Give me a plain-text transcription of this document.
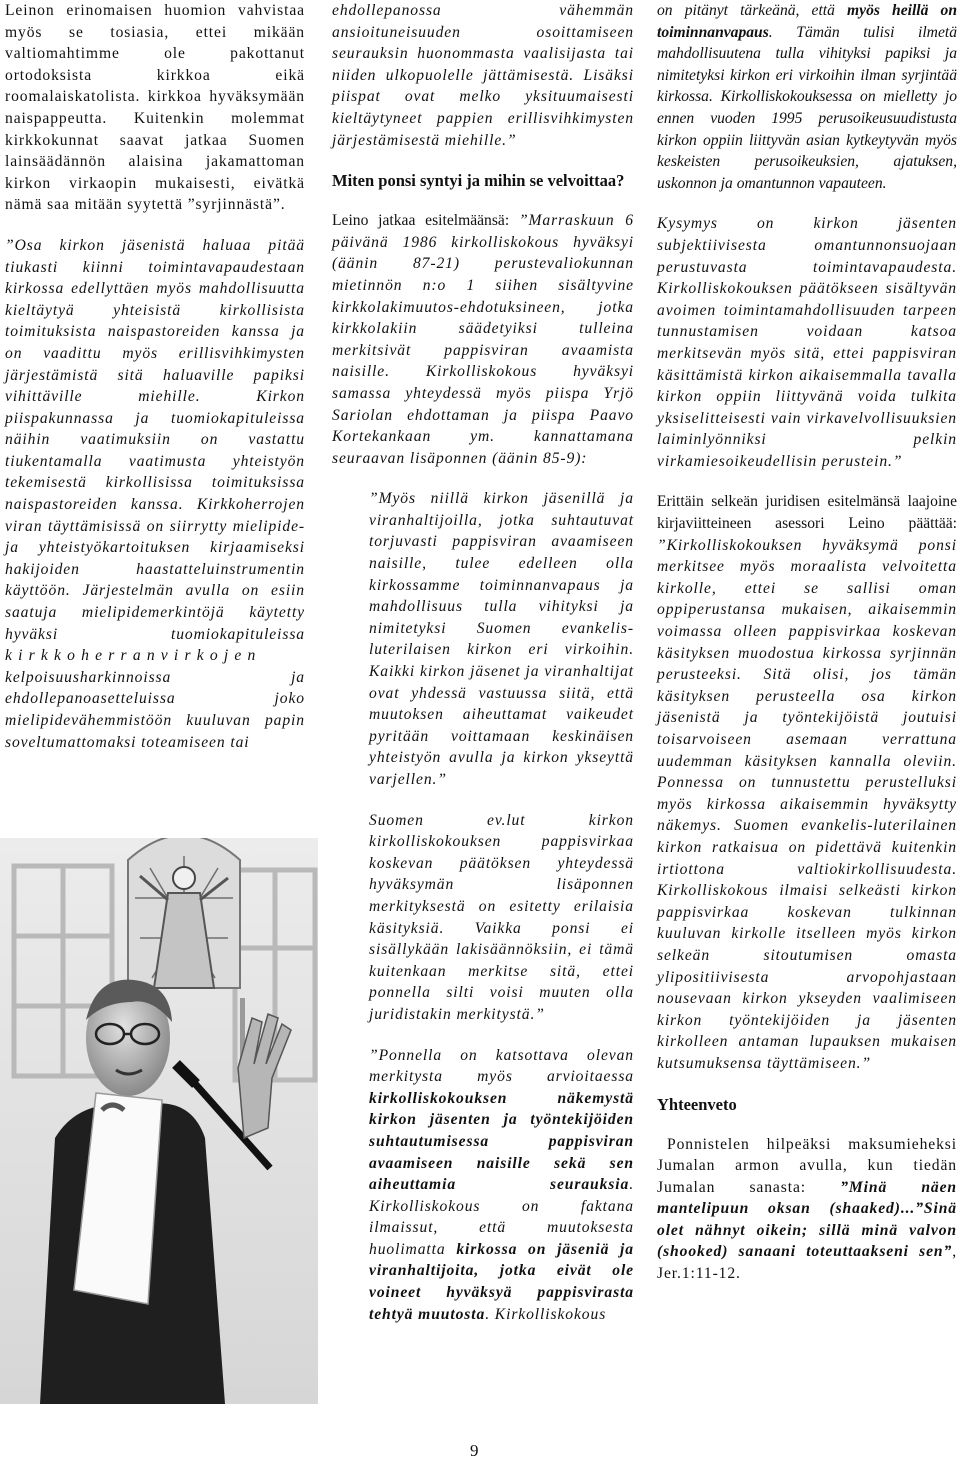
Leinon erinomaisen huomion vahvistaa myös se tosiasia, ettei mikään valtiomahtimme ole pakottanut ortodoksista kirkkoa eikä roomalaiskatolista. kirkkoa hyväksymään naispappeutta. Kuitenkin molemmat kirkkokunnat saavat jatkaa Suomen lainsäädännön alaisina jakamattoman kirkon virkaopin mukaisesti, eivätkä nämä saa mitään syytettä ”syrjinnästä”.

”Osa kirkon jäsenistä haluaa pitää tiukasti kiinni toimintavapaudestaan kirkossa edellyttäen myös mahdollisuutta kieltäytyä yhteisistä kirkollisista toimituksista naispastoreiden kanssa ja on vaadittu myös erillisvihkimysten järjestämistä sitä haluaville papiksi vihittäville miehille. Kirkon piispakunnassa ja tuomiokapituleissa näihin vaatimuksiin on vastattu tiukentamalla vaatimusta yhteistyön tekemisestä kirkollisissa toimituksissa naispastoreiden kanssa. Kirkkoherrojen viran täyttämisissä on siirrytty mielipide- ja yhteistyökartoituksen kirjaamiseksi hakijoiden haastatteluinstrumentin käyttöön. Järjestelmän avulla on esiin saatuja mielipidemerkintöjä käytetty hyväksi tuomiokapituleissa kirkkoherranvirkojen kelpoisuusharkinnoissa ja ehdollepanoasetteluissa joko mielipidevähemmistöön kuuluvan papin soveltumattomaksi toteamiseen tai

ehdollepanossa vähemmän ansioituneisuuden osoittamiseen seurauksin huonommasta vaalisijasta tai niiden ulkopuolelle jättämisestä. Lisäksi piispat ovat melko yksituumaisesti kieltäytyneet pappien erillisvihkimysten järjestämisestä miehille.”

Miten ponsi syntyi ja mihin se velvoittaa?

Leino jatkaa esitelmäänsä: ”Marraskuun 6 päivänä 1986 kirkolliskokous hyväksyi (äänin 87-21) perustevaliokunnan mietinnön n:o 1 siihen sisältyvine kirkkolakimuutos-ehdotuksineen, jotka kirkkolakiin säädetyiksi tulleina merkitsivät pappisviran avaamista naisille. Kirkolliskokous hyväksyi samassa yhteydessä myös piispa Yrjö Sariolan ehdottaman ja piispa Paavo Kortekankaan ym. kannattamana seuraavan lisäponnen (äänin 85-9):

”Myös niillä kirkon jäsenillä ja viranhaltijoilla, jotka suhtautuvat torjuvasti pappisviran avaamiseen naisille, tulee edelleen olla kirkossamme toiminnanvapaus ja mahdollisuus tulla vihityksi ja nimitetyksi Suomen evankelis-luterilaisen kirkon eri virkoihin. Kaikki kirkon jäsenet ja viranhaltijat ovat yhdessä vastuussa siitä, että muutoksen aiheuttamat vaikeudet pyritään voittamaan keskinäisen yhteistyön avulla ja kirkon ykseyttä varjellen.”

Suomen ev.lut kirkon kirkolliskokouksen pappisvirkaa koskevan päätöksen yhteydessä hyväksymän lisäponnen merkityksestä on esitetty erilaisia käsityksiä. Vaikka ponsi ei sisällykään lakisäännöksiin, ei tämä kuitenkaan merkitse sitä, ettei ponnella silti voisi muuten olla juridistakin merkitystä.”

”Ponnella on katsottava olevan merkitysta myös arvioitaessa kirkolliskokouksen näkemystä kirkon jäsenten ja työntekijöiden suhtautumisessa pappisviran avaamiseen naisille sekä sen aiheuttamia seurauksia. Kirkolliskokous on faktana ilmaissut, että muutoksesta huolimatta kirkossa on jäseniä ja viranhaltijoita, jotka eivät ole voineet hyväksyä pappisvirasta tehtyä muutosta. Kirkolliskokous

on pitänyt tärkeänä, että myös heillä on toiminnanvapaus. Tämän tulisi ilmetä mahdollisuutena tulla vihityksi papiksi ja nimitetyksi kirkon eri virkoihin ilman syrjintää kirkossa. Kirkolliskokouksessa on mielletty jo ennen vuoden 1995 perusoikeusuudistusta kirkon oppiin liittyvän asian kytkeytyvän myös keskeisten perusoikeuksien, ajatuksen, uskonnon ja omantunnon vapauteen.

Kysymys on kirkon jäsenten subjektiivisesta omantunnonsuojaan perustuvasta toimintavapaudesta. Kirkolliskokouksen päätökseen sisältyvän avoimen toimintamahdollisuuden tarpeen tunnustamisen voidaan katsoa merkitsevän myös sitä, ettei pappisviran käsittämistä kirkon aikaisemmalla tavalla kirkon oppiin liittyvänä voida tulkita yksiselitteisesti vain virkavelvollisuuksien laiminlyönniksi pelkin virkamiesoikeudellisin perustein.”

Erittäin selkeän juridisen esitelmänsä laajoine kirjaviitteineen asessori Leino päättää: ”Kirkolliskokouksen hyväksymä ponsi merkitsee myös moraalista velvoitetta kirkolle, ettei se sallisi oman oppiperustansa mukaisen, aikaisemmin voimassa olleen pappisvirkaa koskevan käsityksen muodostua kirkossa syrjinnän perusteeksi. Sitä olisi, jos tämän käsityksen perusteella osa kirkon jäsenistä ja työntekijöistä joutuisi toisarvoiseen asemaan verrattuna uudemman käsityksen kannalla oleviin. Ponnessa on tunnustettu perustelluksi myös kirkossa aikaisemmin hyväksytty näkemys. Suomen evankelis-luterilainen kirkon ratkaisua on pidettävä kuitenkin irtiottona valtiokirkollisuudesta. Kirkolliskokous ilmaisi selkeästi kirkon pappisvirkaa koskevan tulkinnan kuuluvan kirkolle itselleen myös kirkon selkeän sitoutumisen omasta ylipositiivisesta arvopohjastaan nousevaan kirkon ykseyden vaalimiseen kirkon työntekijöiden ja jäsenten kirkolleen antaman lupauksen mukaisen kutsumuksensa täyttämiseen.”

Yhteenveto

Ponnistelen hilpeäksi maksumieheksi Jumalan armon avulla, kun tiedän Jumalan sanasta: ”Minä näen mantelipuun oksan (shaaked)...”Sinä olet nähnyt oikein; sillä minä valvon (shooked) sanaani toteuttaakseni sen”, Jer.1:11-12.

9
